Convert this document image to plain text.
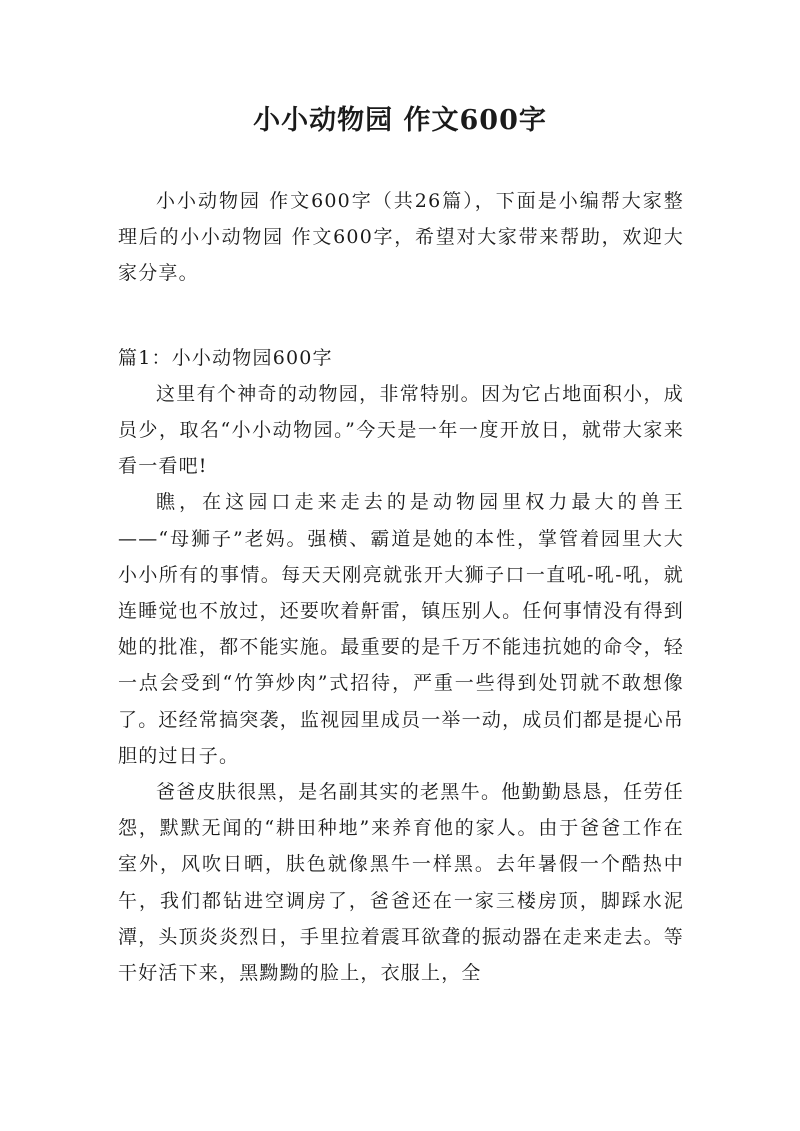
小小动物园 作文600字

小小动物园 作文600字（共26篇），下面是小编帮大家整理后的小小动物园 作文600字，希望对大家带来帮助，欢迎大家分享。

篇1：小小动物园600字

这里有个神奇的动物园，非常特别。因为它占地面积小，成员少，取名“小小动物园。”今天是一年一度开放日，就带大家来看一看吧!

瞧，在这园口走来走去的是动物园里权力最大的兽王——“母狮子”老妈。强横、霸道是她的本性，掌管着园里大大小小所有的事情。每天天刚亮就张开大狮子口一直吼-吼-吼，就连睡觉也不放过，还要吹着鼾雷，镇压别人。任何事情没有得到她的批准，都不能实施。最重要的是千万不能违抗她的命令，轻一点会受到“竹笋炒肉”式招待，严重一些得到处罚就不敢想像了。还经常搞突袭，监视园里成员一举一动，成员们都是提心吊胆的过日子。

爸爸皮肤很黑，是名副其实的老黑牛。他勤勤恳恳，任劳任怨，默默无闻的“耕田种地”来养育他的家人。由于爸爸工作在室外，风吹日晒，肤色就像黑牛一样黑。去年暑假一个酷热中午，我们都钻进空调房了，爸爸还在一家三楼房顶，脚踩水泥潭，头顶炎炎烈日，手里拉着震耳欲聋的振动器在走来走去。等干好活下来，黑黝黝的脸上，衣服上，全
